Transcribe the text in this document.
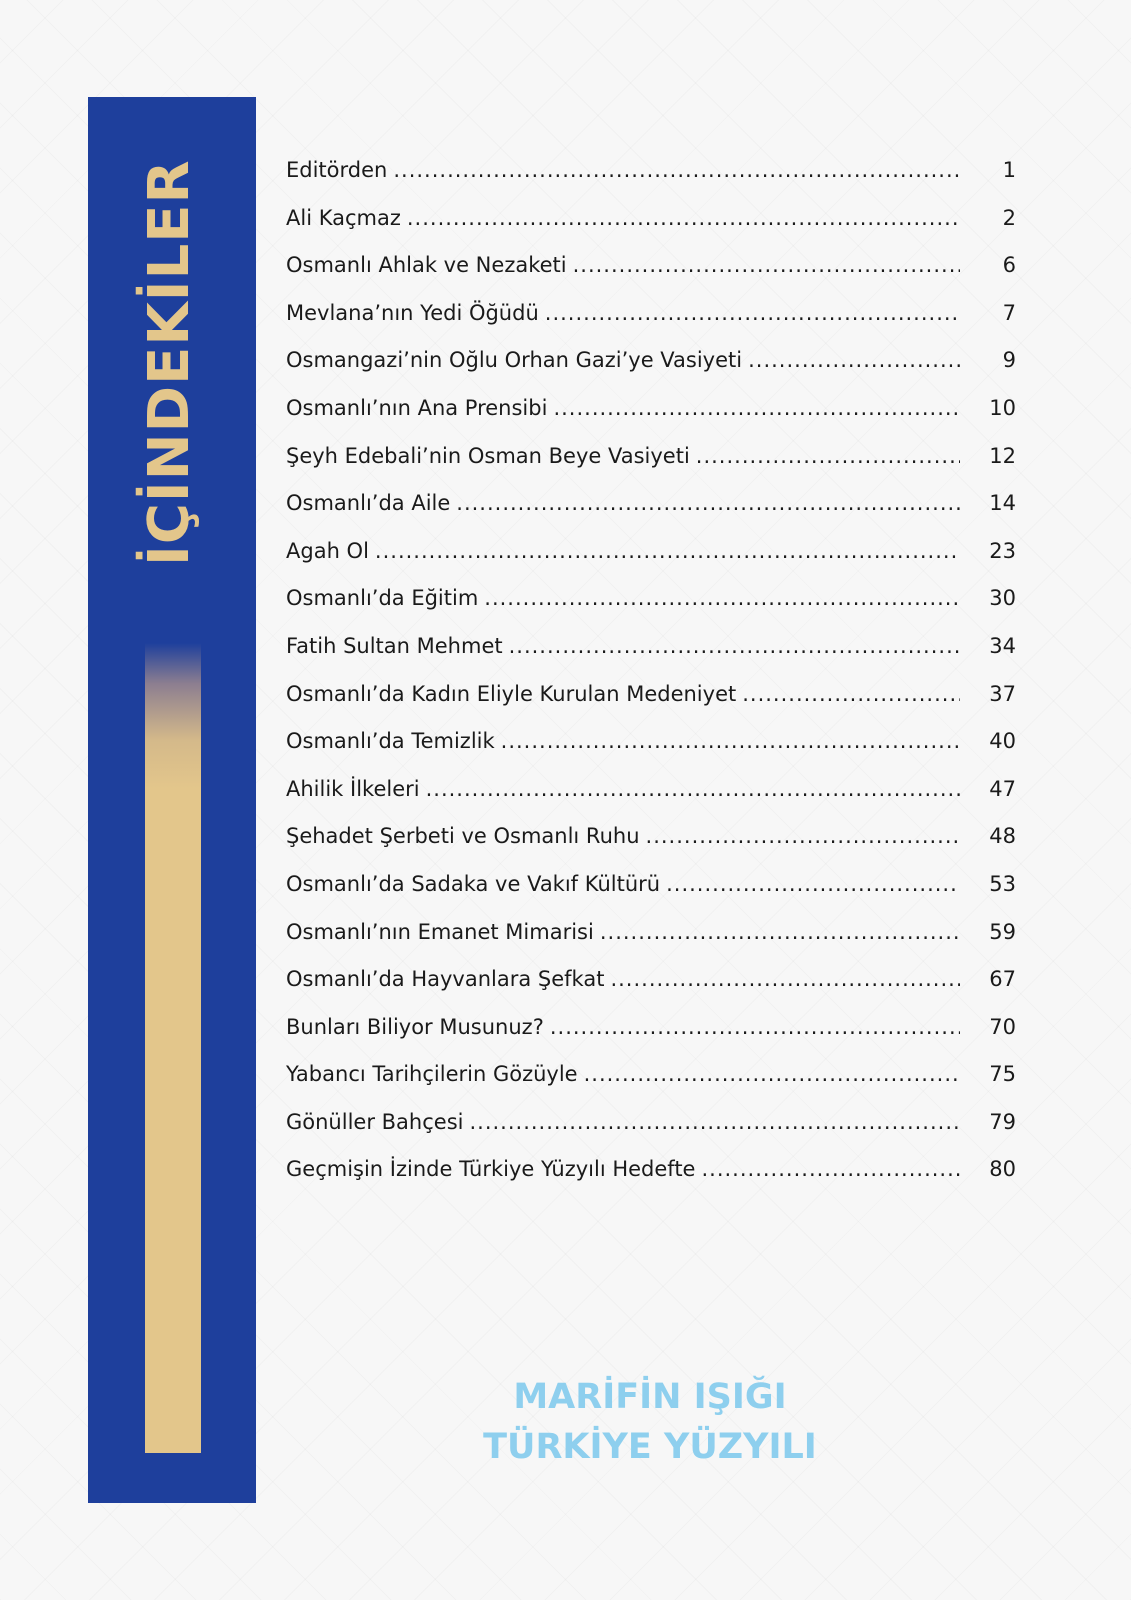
İÇİNDEKİLER	Editörden .....	1
Ali Kaçmaz .....	2
Osmanlı Ahlak ve Nezaketi .....	6
Mevlana’nın Yedi Öğüdü .....	7
Osmangazi’nin Oğlu Orhan Gazi’ye Vasiyeti .....	9
Osmanlı’nın Ana Prensibi .....	10
Şeyh Edebali’nin Osman Beye Vasiyeti .....	12
Osmanlı’da Aile .....	14
Agah Ol .....	23
Osmanlı’da Eğitim .....	30
Fatih Sultan Mehmet .....	34
Osmanlı’da Kadın Eliyle Kurulan Medeniyet .....	37
Osmanlı’da Temizlik .....	40
Ahilik İlkeleri .....	47
Şehadet Şerbeti ve Osmanlı Ruhu .....	48
Osmanlı’da Sadaka ve Vakıf Kültürü .....	53
Osmanlı’nın Emanet Mimarisi .....	59
Osmanlı’da Hayvanlara Şefkat .....	67
Bunları Biliyor Musunuz? .....	70
Yabancı Tarihçilerin Gözüyle .....	75
Gönüller Bahçesi .....	79
Geçmişin İzinde Türkiye Yüzyılı Hedefte .....	80
MARİFİN IŞIĞI
TÜRKİYE YÜZYILI
